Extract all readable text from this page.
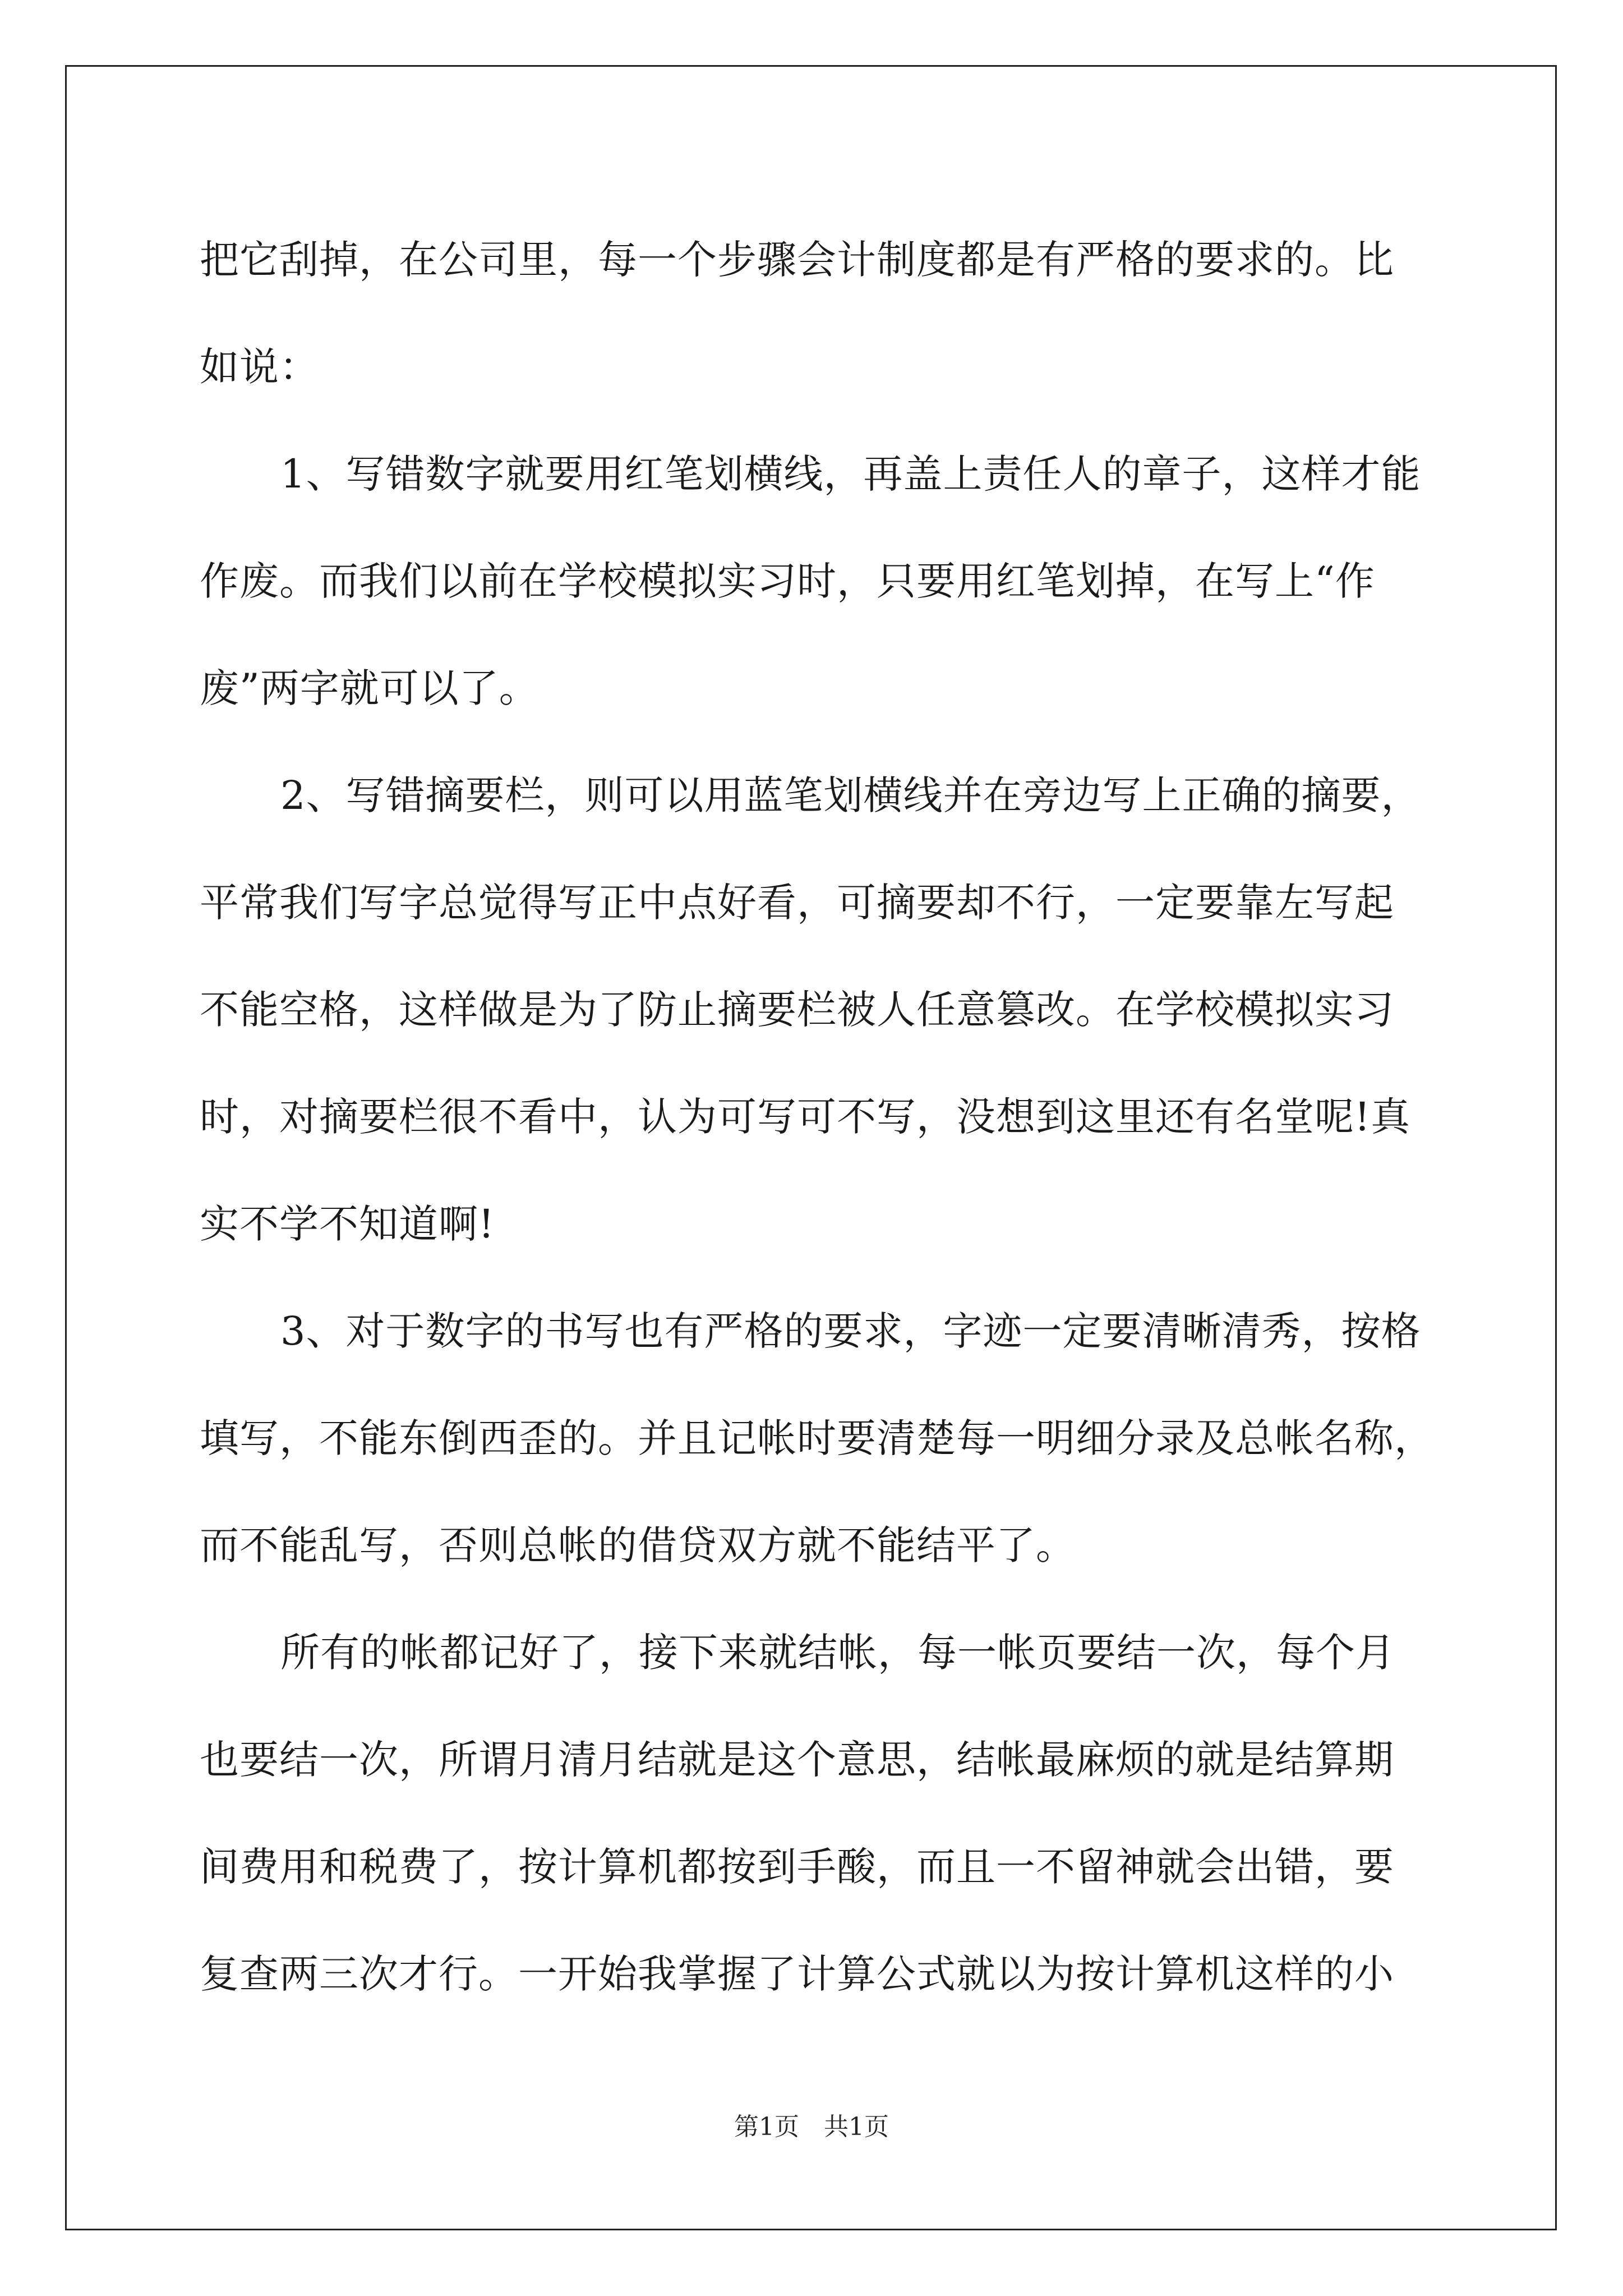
把它刮掉，在公司里，每一个步骤会计制度都是有严格的要求的。比
如说：
1、写错数字就要用红笔划横线，再盖上责任人的章子，这样才能
作废。而我们以前在学校模拟实习时，只要用红笔划掉，在写上“作
废”两字就可以了。
2、写错摘要栏，则可以用蓝笔划横线并在旁边写上正确的摘要，
平常我们写字总觉得写正中点好看，可摘要却不行，一定要靠左写起
不能空格，这样做是为了防止摘要栏被人任意篡改。在学校模拟实习
时，对摘要栏很不看中，认为可写可不写，没想到这里还有名堂呢!真
实不学不知道啊!
3、对于数字的书写也有严格的要求，字迹一定要清晰清秀，按格
填写，不能东倒西歪的。并且记帐时要清楚每一明细分录及总帐名称，
而不能乱写，否则总帐的借贷双方就不能结平了。
所有的帐都记好了，接下来就结帐，每一帐页要结一次，每个月
也要结一次，所谓月清月结就是这个意思，结帐最麻烦的就是结算期
间费用和税费了，按计算机都按到手酸，而且一不留神就会出错，要
复查两三次才行。一开始我掌握了计算公式就以为按计算机这样的小
第1页　共1页
